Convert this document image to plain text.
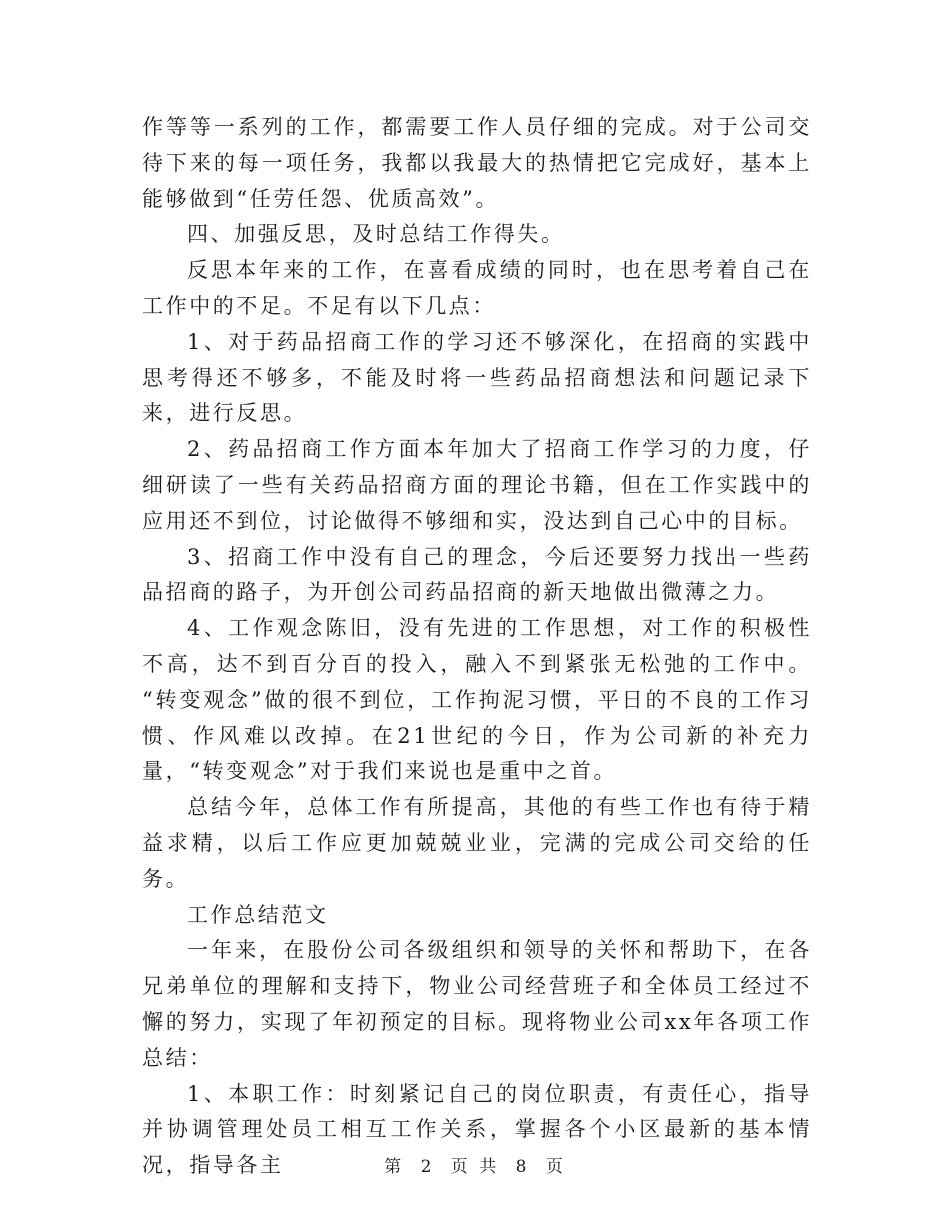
作等等一系列的工作，都需要工作人员仔细的完成。对于公司交待下来的每一项任务，我都以我最大的热情把它完成好，基本上能够做到“任劳任怨、优质高效”。

四、加强反思，及时总结工作得失。

反思本年来的工作，在喜看成绩的同时，也在思考着自己在工作中的不足。不足有以下几点：

1、对于药品招商工作的学习还不够深化，在招商的实践中思考得还不够多，不能及时将一些药品招商想法和问题记录下来，进行反思。

2、药品招商工作方面本年加大了招商工作学习的力度，仔细研读了一些有关药品招商方面的理论书籍，但在工作实践中的应用还不到位，讨论做得不够细和实，没达到自己心中的目标。

3、招商工作中没有自己的理念，今后还要努力找出一些药品招商的路子，为开创公司药品招商的新天地做出微薄之力。

4、工作观念陈旧，没有先进的工作思想，对工作的积极性不高，达不到百分百的投入，融入不到紧张无松弛的工作中。 “转变观念”做的很不到位，工作拘泥习惯，平日的不良的工作习惯、作风难以改掉。在21世纪的今日，作为公司新的补充力量，“转变观念”对于我们来说也是重中之首。

总结今年，总体工作有所提高，其他的有些工作也有待于精益求精，以后工作应更加兢兢业业，完满的完成公司交给的任务。

工作总结范文

一年来，在股份公司各级组织和领导的关怀和帮助下，在各兄弟单位的理解和支持下，物业公司经营班子和全体员工经过不懈的努力，实现了年初预定的目标。现将物业公司xx年各项工作总结：

1、本职工作：时刻紧记自己的岗位职责，有责任心，指导并协调管理处员工相互工作关系，掌握各个小区最新的基本情况，指导各主	第 2 页 共 8 页
